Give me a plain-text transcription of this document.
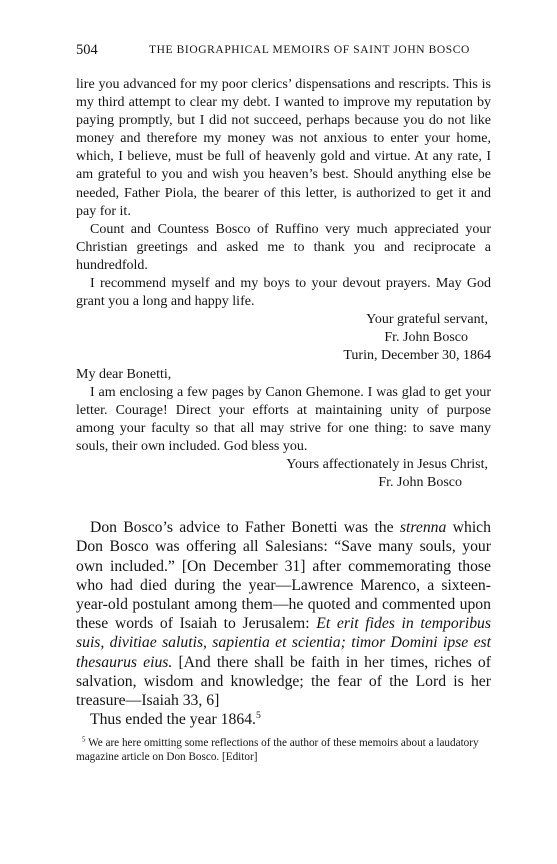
504	THE BIOGRAPHICAL MEMOIRS OF SAINT JOHN BOSCO

lire you advanced for my poor clerics’ dispensations and rescripts. This is my third attempt to clear my debt. I wanted to improve my reputation by paying promptly, but I did not succeed, perhaps because you do not like money and therefore my money was not anxious to enter your home, which, I believe, must be full of heavenly gold and virtue. At any rate, I am grateful to you and wish you heaven’s best. Should anything else be needed, Father Piola, the bearer of this letter, is authorized to get it and pay for it.

Count and Countess Bosco of Ruffino very much appreciated your Christian greetings and asked me to thank you and reciprocate a hundredfold.

I recommend myself and my boys to your devout prayers. May God grant you a long and happy life.

Your grateful servant,

Fr. John Bosco

Turin, December 30, 1864

My dear Bonetti,

I am enclosing a few pages by Canon Ghemone. I was glad to get your letter. Courage! Direct your efforts at maintaining unity of purpose among your faculty so that all may strive for one thing: to save many souls, their own included. God bless you.

Yours affectionately in Jesus Christ,

Fr. John Bosco

Don Bosco’s advice to Father Bonetti was the strenna which Don Bosco was offering all Salesians: “Save many souls, your own included.” [On December 31] after commemorating those who had died during the year—Lawrence Marenco, a sixteen-year-old postulant among them—he quoted and commented upon these words of Isaiah to Jerusalem: Et erit fides in temporibus suis, divitiae salutis, sapientia et scientia; timor Domini ipse est thesaurus eius. [And there shall be faith in her times, riches of salvation, wisdom and knowledge; the fear of the Lord is her treasure—Isaiah 33, 6]

Thus ended the year 1864.$^5$

$^5$ We are here omitting some reflections of the author of these memoirs about a laudatory magazine article on Don Bosco. [Editor]
